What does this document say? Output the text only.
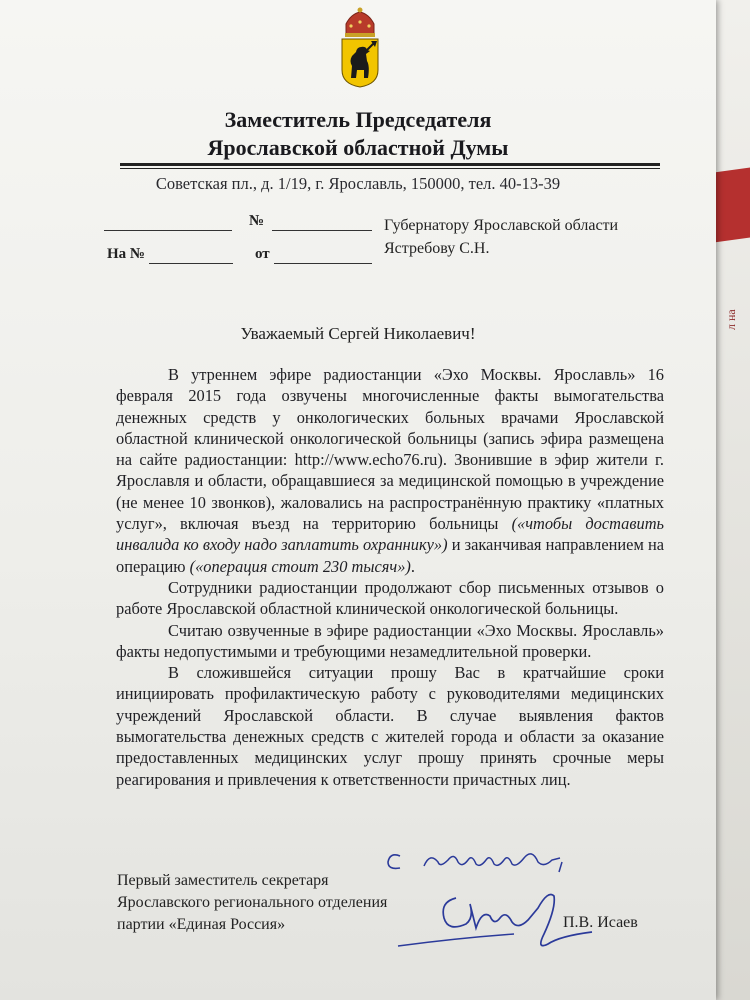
л на
Заместитель Председателя
Ярославской областной Думы
Советская пл., д. 1/19, г. Ярославль, 150000, тел. 40-13-39
№
На №	от
Губернатору Ярославской области
Ястребову С.Н.
Уважаемый Сергей Николаевич!

В утреннем эфире радиостанции «Эхо Москвы. Ярославль» 16 февраля 2015 года озвучены многочисленные факты вымогательства денежных средств у онкологических больных врачами Ярославской областной клинической онкологической больницы (запись эфира размещена на сайте радиостанции: http://www.echo76.ru). Звонившие в эфир жители г. Ярославля и области, обращавшиеся за медицинской помощью в учреждение (не менее 10 звонков), жаловались на распространённую практику «платных услуг», включая въезд на территорию больницы («чтобы доставить инвалида ко входу надо заплатить охраннику») и заканчивая направлением на операцию («операция стоит 230 тысяч»).

Сотрудники радиостанции продолжают сбор письменных отзывов о работе Ярославской областной клинической онкологической больницы.

Считаю озвученные в эфире радиостанции «Эхо Москвы. Ярославль» факты недопустимыми и требующими незамедлительной проверки.

В сложившейся ситуации прошу Вас в кратчайшие сроки инициировать профилактическую работу с руководителями медицинских учреждений Ярославской области. В случае выявления фактов вымогательства денежных средств с жителей города и области за оказание предоставленных медицинских услуг прошу принять срочные меры реагирования и привлечения к ответственности причастных лиц.

Первый заместитель секретаря
Ярославского регионального отделения
партии «Единая Россия»	П.В. Исаев
